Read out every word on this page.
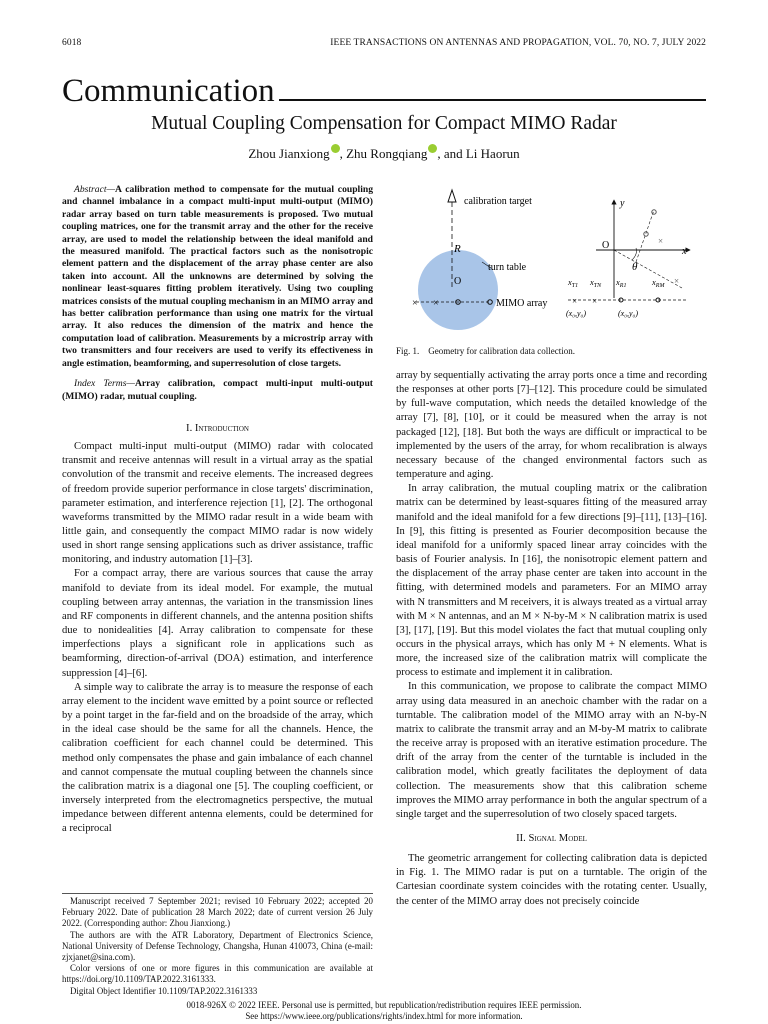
6018	IEEE TRANSACTIONS ON ANTENNAS AND PROPAGATION, VOL. 70, NO. 7, JULY 2022
Communication
Mutual Coupling Compensation for Compact MIMO Radar
Zhou Jianxiong , Zhu Rongqiang , and Li Haorun

Abstract—A calibration method to compensate for the mutual coupling and channel imbalance in a compact multi-input multi-output (MIMO) radar array based on turn table measurements is proposed. Two mutual coupling matrices, one for the transmit array and the other for the receive array, are used to model the relationship between the ideal manifold and the measured manifold. The practical factors such as the nonisotropic element pattern and the displacement of the array phase center are also taken into account. All the unknowns are determined by solving the nonlinear least-squares fitting problem iteratively. Using two coupling matrices consists of the mutual coupling mechanism in an MIMO array and has better calibration performance than using one matrix for the virtual array. It also reduces the dimension of the matrix and hence the computation load of calibration. Measurements by a microstrip array with two transmitters and four receivers are used to verify its effectiveness in angle estimation, beamforming, and superresolution of close targets.

Index Terms—Array calibration, compact multi-input multi-output (MIMO) radar, mutual coupling.

I. Introduction

Compact multi-input multi-output (MIMO) radar with colocated transmit and receive antennas will result in a virtual array as the spatial convolution of the transmit and receive elements. The increased degrees of freedom provide superior performance in close targets' discrimination, parameter estimation, and interference rejection [1], [2]. The orthogonal waveforms transmitted by the MIMO radar result in a wide beam with little gain, and consequently the compact MIMO radar is now widely used in short range sensing applications such as driver assistance, traffic monitoring, and industry automation [1]–[3].

For a compact array, there are various sources that cause the array manifold to deviate from its ideal model. For example, the mutual coupling between array antennas, the variation in the transmission lines and RF components in different channels, and the antenna position shifts due to nonidealities [4]. Array calibration to compensate for these imperfections plays a significant role in applications such as beamforming, direction-of-arrival (DOA) estimation, and interference suppression [4]–[6].

A simple way to calibrate the array is to measure the response of each array element to the incident wave emitted by a point source or reflected by a point target in the far-field and on the broadside of the array, which in the ideal case should be the same for all the channels. Hence, the calibration coefficient for each channel could be determined. This method only compensates the phase and gain imbalance of each channel and cannot compensate the mutual coupling between the channels since the calibration matrix is a diagonal one [5]. The coupling coefficient, or inversely interpreted from the electromagnetics perspective, the mutual impedance between different antenna elements, could be determined for a reciprocal

Manuscript received 7 September 2021; revised 10 February 2022; accepted 20 February 2022. Date of publication 28 March 2022; date of current version 26 July 2022. (Corresponding author: Zhou Jianxiong.)

The authors are with the ATR Laboratory, Department of Electronics Science, National University of Defense Technology, Changsha, Hunan 410073, China (e-mail: zjxjanet@sina.com).

Color versions of one or more figures in this communication are available at https://doi.org/10.1109/TAP.2022.3161333.

Digital Object Identifier 10.1109/TAP.2022.3161333

calibration target
R
turn table
O
× ×	MIMO array
y
x
O	×
×
θ
× ×
$x_{T1}$ $x_{TN}$ $x_{R1}$	$x_{RM}$
(x₀,y₀)	(x₀,y₀)
Fig. 1. Geometry for calibration data collection.

array by sequentially activating the array ports once a time and recording the responses at other ports [7]–[12]. This procedure could be simulated by full-wave computation, which needs the detailed knowledge of the array [7], [8], [10], or it could be measured when the array is not packaged [12], [18]. But both the ways are difficult or impractical to be implemented by the users of the array, for whom recalibration is always necessary because of the changed environmental factors such as temperature and aging.

In array calibration, the mutual coupling matrix or the calibration matrix can be determined by least-squares fitting of the measured array manifold and the ideal manifold for a few directions [9]–[11], [13]–[16]. In [9], this fitting is presented as Fourier decomposition because the ideal manifold for a uniformly spaced linear array coincides with the basis of Fourier analysis. In [16], the nonisotropic element pattern and the displacement of the array phase center are taken into account in the fitting, with determined models and parameters. For an MIMO array with N transmitters and M receivers, it is always treated as a virtual array with M × N antennas, and an M × N-by-M × N calibration matrix is used [3], [17], [19]. But this model violates the fact that mutual coupling only occurs in the physical arrays, which has only M + N elements. What is more, the increased size of the calibration matrix will complicate the process to estimate and implement it in calibration.

In this communication, we propose to calibrate the compact MIMO array using data measured in an anechoic chamber with the radar on a turntable. The calibration model of the MIMO array with an N-by-N matrix to calibrate the transmit array and an M-by-M matrix to calibrate the receive array is proposed with an iterative estimation procedure. The drift of the array from the center of the turntable is included in the calibration model, which greatly facilitates the deployment of data collection. The measurements show that this calibration scheme improves the MIMO array performance in both the angular spectrum of a single target and the superresolution of two closely spaced targets.

II. Signal Model

The geometric arrangement for collecting calibration data is depicted in Fig. 1. The MIMO radar is put on a turntable. The origin of the Cartesian coordinate system coincides with the rotating center. Usually, the center of the MIMO array does not precisely coincide

0018-926X © 2022 IEEE. Personal use is permitted, but republication/redistribution requires IEEE permission.
See https://www.ieee.org/publications/rights/index.html for more information.
